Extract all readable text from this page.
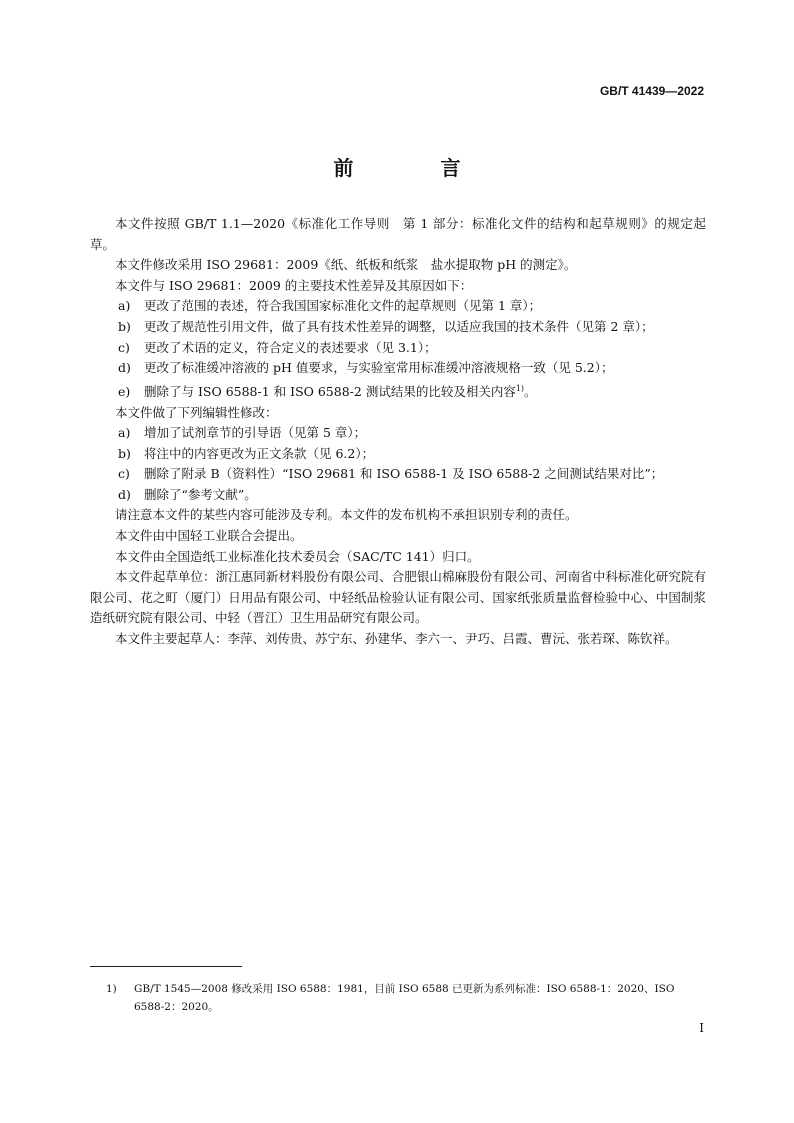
GB/T 41439—2022
前 言

本文件按照 GB/T 1.1—2020《标准化工作导则　第 1 部分：标准化文件的结构和起草规则》的规定起草。

本文件修改采用 ISO 29681：2009《纸、纸板和纸浆　盐水提取物 pH 的测定》。

本文件与 ISO 29681：2009 的主要技术性差异及其原因如下：

a) 更改了范围的表述，符合我国国家标准化文件的起草规则（见第 1 章）；

b) 更改了规范性引用文件，做了具有技术性差异的调整，以适应我国的技术条件（见第 2 章）；

c) 更改了术语的定义，符合定义的表述要求（见 3.1）；

d) 更改了标准缓冲溶液的 pH 值要求，与实验室常用标准缓冲溶液规格一致（见 5.2）；

e) 删除了与 ISO 6588-1 和 ISO 6588-2 测试结果的比较及相关内容$^{1)}$。

本文件做了下列编辑性修改：

a) 增加了试剂章节的引导语（见第 5 章）；

b) 将注中的内容更改为正文条款（见 6.2）；

c) 删除了附录 B（资料性）“ISO 29681 和 ISO 6588-1 及 ISO 6588-2 之间测试结果对比”；

d) 删除了“参考文献”。

请注意本文件的某些内容可能涉及专利。本文件的发布机构不承担识别专利的责任。

本文件由中国轻工业联合会提出。

本文件由全国造纸工业标准化技术委员会（SAC/TC 141）归口。

本文件起草单位：浙江惠同新材料股份有限公司、合肥银山棉麻股份有限公司、河南省中科标准化研究院有限公司、花之町（厦门）日用品有限公司、中轻纸品检验认证有限公司、国家纸张质量监督检验中心、中国制浆造纸研究院有限公司、中轻（晋江）卫生用品研究有限公司。

本文件主要起草人：李萍、刘传贵、苏宁东、孙建华、李六一、尹巧、吕霞、曹沅、张若琛、陈钦祥。

1)	GB/T 1545—2008 修改采用 ISO 6588：1981，目前 ISO 6588 已更新为系列标准：ISO 6588-1：2020、ISO 6588-2：2020。
I
